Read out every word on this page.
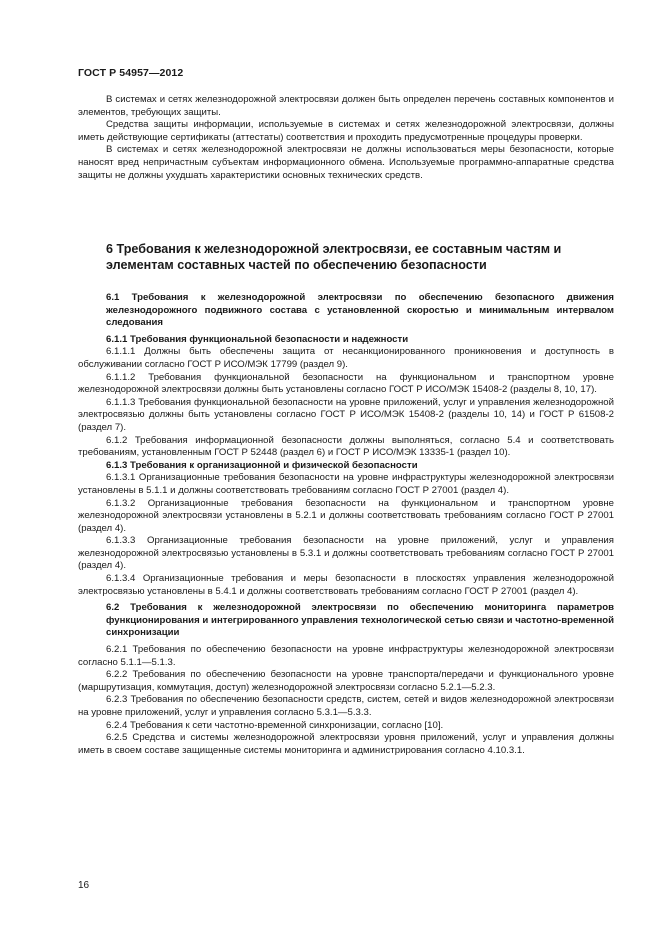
ГОСТ Р 54957—2012

В системах и сетях железнодорожной электросвязи должен быть определен перечень составных компонентов и элементов, требующих защиты.

Средства защиты информации, используемые в системах и сетях железнодорожной электросвязи, должны иметь действующие сертификаты (аттестаты) соответствия и проходить предусмотренные процедуры проверки.

В системах и сетях железнодорожной электросвязи не должны использоваться меры безопасности, которые наносят вред непричастным субъектам информационного обмена. Используемые программно-аппаратные средства защиты не должны ухудшать характеристики основных технических средств.

6 Требования к железнодорожной электросвязи, ее составным частям и элементам составных частей по обеспечению безопасности

6.1 Требования к железнодорожной электросвязи по обеспечению безопасного движения железнодорожного подвижного состава с установленной скоростью и минимальным интервалом следования

6.1.1 Требования функциональной безопасности и надежности

6.1.1.1 Должны быть обеспечены защита от несанкционированного проникновения и доступность в обслуживании согласно ГОСТ Р ИСО/МЭК 17799 (раздел 9).

6.1.1.2 Требования функциональной безопасности на функциональном и транспортном уровне железнодорожной электросвязи должны быть установлены согласно ГОСТ Р ИСО/МЭК 15408-2 (разделы 8, 10, 17).

6.1.1.3 Требования функциональной безопасности на уровне приложений, услуг и управления железнодорожной электросвязью должны быть установлены согласно ГОСТ Р ИСО/МЭК 15408-2 (разделы 10, 14) и ГОСТ Р 61508-2 (раздел 7).

6.1.2 Требования информационной безопасности должны выполняться, согласно 5.4 и соответствовать требованиям, установленным ГОСТ Р 52448 (раздел 6) и ГОСТ Р ИСО/МЭК 13335-1 (раздел 10).

6.1.3 Требования к организационной и физической безопасности

6.1.3.1 Организационные требования безопасности на уровне инфраструктуры железнодорожной электросвязи установлены в 5.1.1 и должны соответствовать требованиям согласно ГОСТ Р 27001 (раздел 4).

6.1.3.2 Организационные требования безопасности на функциональном и транспортном уровне железнодорожной электросвязи установлены в 5.2.1 и должны соответствовать требованиям согласно ГОСТ Р 27001 (раздел 4).

6.1.3.3 Организационные требования безопасности на уровне приложений, услуг и управления железнодорожной электросвязью установлены в 5.3.1 и должны соответствовать требованиям согласно ГОСТ Р 27001 (раздел 4).

6.1.3.4 Организационные требования и меры безопасности в плоскостях управления железнодорожной электросвязью установлены в 5.4.1 и должны соответствовать требованиям согласно ГОСТ Р 27001 (раздел 4).

6.2 Требования к железнодорожной электросвязи по обеспечению мониторинга параметров функционирования и интегрированного управления технологической сетью связи и частотно-временной синхронизации

6.2.1 Требования по обеспечению безопасности на уровне инфраструктуры железнодорожной электросвязи согласно 5.1.1—5.1.3.

6.2.2 Требования по обеспечению безопасности на уровне транспорта/передачи и функционального уровне (маршрутизация, коммутация, доступ) железнодорожной электросвязи согласно 5.2.1—5.2.3.

6.2.3 Требования по обеспечению безопасности средств, систем, сетей и видов железнодорожной электросвязи на уровне приложений, услуг и управления согласно 5.3.1—5.3.3.

6.2.4 Требования к сети частотно-временной синхронизации, согласно [10].

6.2.5 Средства и системы железнодорожной электросвязи уровня приложений, услуг и управления должны иметь в своем составе защищенные системы мониторинга и администрирования согласно 4.10.3.1.

16
